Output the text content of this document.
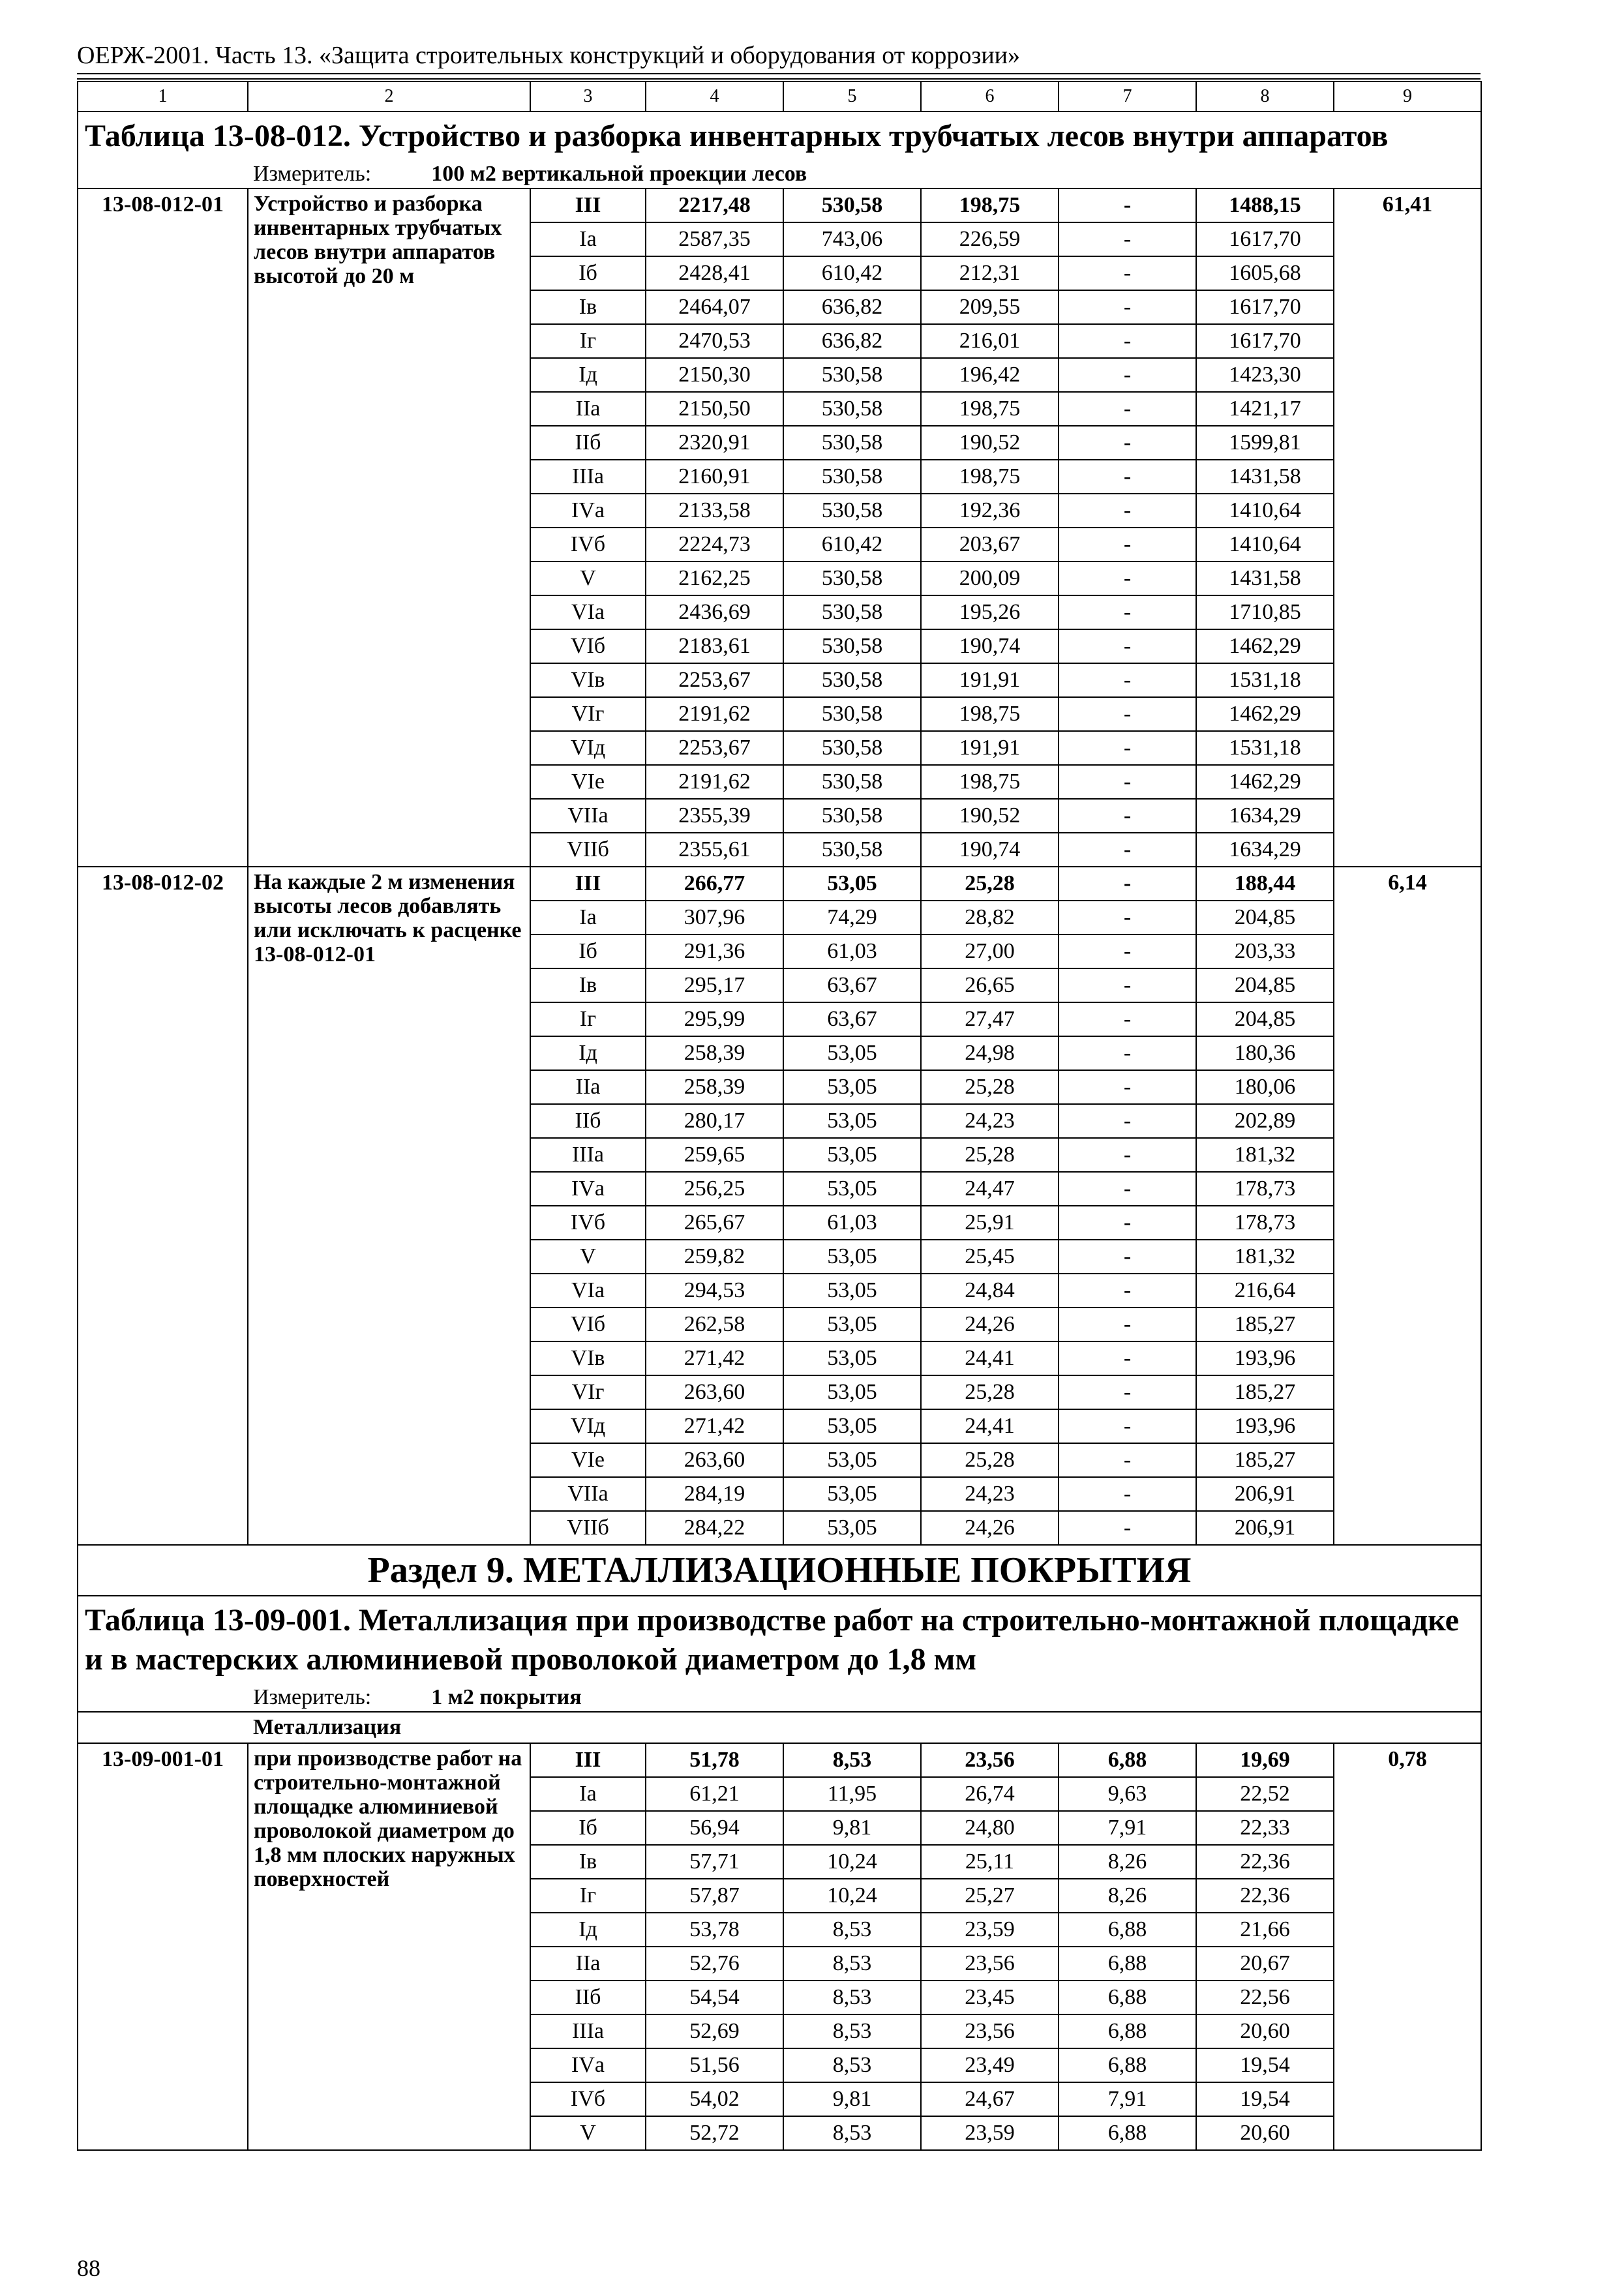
ОЕРЖ-2001. Часть 13. «Защита строительных конструкций и оборудования от коррозии»
1	2	3	4	5	6	7	8	9
Таблица 13-08-012. Устройство и разборка инвентарных трубчатых лесов внутри аппаратов								
	Измеритель: 100 м2 вертикальной проекции лесов							
13-08-012-01	Устройство и разборка инвентарных трубчатых лесов внутри аппаратов высотой до 20 м	III	2217,48	530,58	198,75	-	1488,15	61,41
		Iа	2587,35	743,06	226,59	-	1617,70	
		Iб	2428,41	610,42	212,31	-	1605,68	
		Iв	2464,07	636,82	209,55	-	1617,70	
		Iг	2470,53	636,82	216,01	-	1617,70	
		Iд	2150,30	530,58	196,42	-	1423,30	
		IIа	2150,50	530,58	198,75	-	1421,17	
		IIб	2320,91	530,58	190,52	-	1599,81	
		IIIа	2160,91	530,58	198,75	-	1431,58	
		IVа	2133,58	530,58	192,36	-	1410,64	
		IVб	2224,73	610,42	203,67	-	1410,64	
		V	2162,25	530,58	200,09	-	1431,58	
		VIа	2436,69	530,58	195,26	-	1710,85	
		VIб	2183,61	530,58	190,74	-	1462,29	
		VIв	2253,67	530,58	191,91	-	1531,18	
		VIг	2191,62	530,58	198,75	-	1462,29	
		VIд	2253,67	530,58	191,91	-	1531,18	
		VIе	2191,62	530,58	198,75	-	1462,29	
		VIIа	2355,39	530,58	190,52	-	1634,29	
		VIIб	2355,61	530,58	190,74	-	1634,29	
13-08-012-02	На каждые 2 м изменения высоты лесов добавлять или исключать к расценке 13-08-012-01	III	266,77	53,05	25,28	-	188,44	6,14
		Iа	307,96	74,29	28,82	-	204,85	
		Iб	291,36	61,03	27,00	-	203,33	
		Iв	295,17	63,67	26,65	-	204,85	
		Iг	295,99	63,67	27,47	-	204,85	
		Iд	258,39	53,05	24,98	-	180,36	
		IIа	258,39	53,05	25,28	-	180,06	
		IIб	280,17	53,05	24,23	-	202,89	
		IIIа	259,65	53,05	25,28	-	181,32	
		IVа	256,25	53,05	24,47	-	178,73	
		IVб	265,67	61,03	25,91	-	178,73	
		V	259,82	53,05	25,45	-	181,32	
		VIа	294,53	53,05	24,84	-	216,64	
		VIб	262,58	53,05	24,26	-	185,27	
		VIв	271,42	53,05	24,41	-	193,96	
		VIг	263,60	53,05	25,28	-	185,27	
		VIд	271,42	53,05	24,41	-	193,96	
		VIе	263,60	53,05	25,28	-	185,27	
		VIIа	284,19	53,05	24,23	-	206,91	
		VIIб	284,22	53,05	24,26	-	206,91	
Раздел 9. МЕТАЛЛИЗАЦИОННЫЕ ПОКРЫТИЯ								
Таблица 13-09-001. Металлизация при производстве работ на строительно-монтажной площадке и в мастерских алюминиевой проволокой диаметром до 1,8 мм								
	Измеритель: 1 м2 покрытия							
	Металлизация							
13-09-001-01	при производстве работ на строительно-монтажной площадке алюминиевой проволокой диаметром до 1,8 мм плоских наружных поверхностей	III	51,78	8,53	23,56	6,88	19,69	0,78
		Iа	61,21	11,95	26,74	9,63	22,52	
		Iб	56,94	9,81	24,80	7,91	22,33	
		Iв	57,71	10,24	25,11	8,26	22,36	
		Iг	57,87	10,24	25,27	8,26	22,36	
		Iд	53,78	8,53	23,59	6,88	21,66	
		IIа	52,76	8,53	23,56	6,88	20,67	
		IIб	54,54	8,53	23,45	6,88	22,56	
		IIIа	52,69	8,53	23,56	6,88	20,60	
		IVа	51,56	8,53	23,49	6,88	19,54	
		IVб	54,02	9,81	24,67	7,91	19,54	
		V	52,72	8,53	23,59	6,88	20,60	
88
